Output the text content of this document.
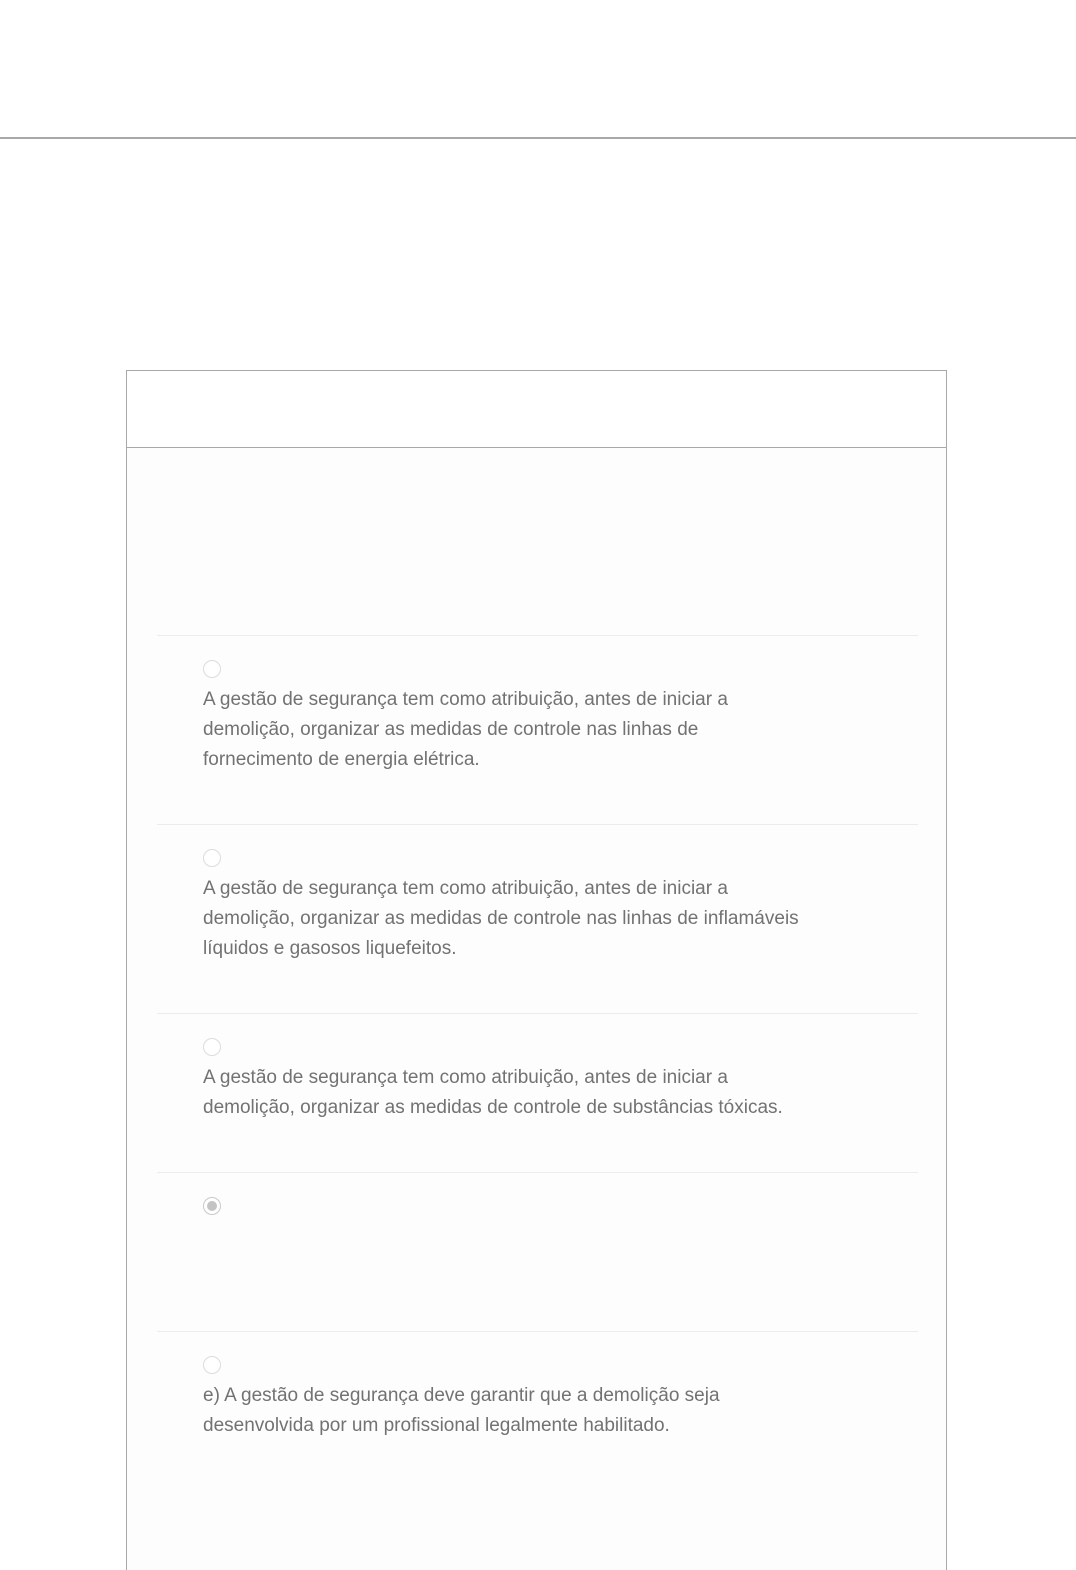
A gestão de segurança tem como atribuição, antes de iniciar a
demolição, organizar as medidas de controle nas linhas de
fornecimento de energia elétrica.
A gestão de segurança tem como atribuição, antes de iniciar a
demolição, organizar as medidas de controle nas linhas de inflamáveis
líquidos e gasosos liquefeitos.
A gestão de segurança tem como atribuição, antes de iniciar a
demolição, organizar as medidas de controle de substâncias tóxicas.
e) A gestão de segurança deve garantir que a demolição seja
desenvolvida por um profissional legalmente habilitado.
